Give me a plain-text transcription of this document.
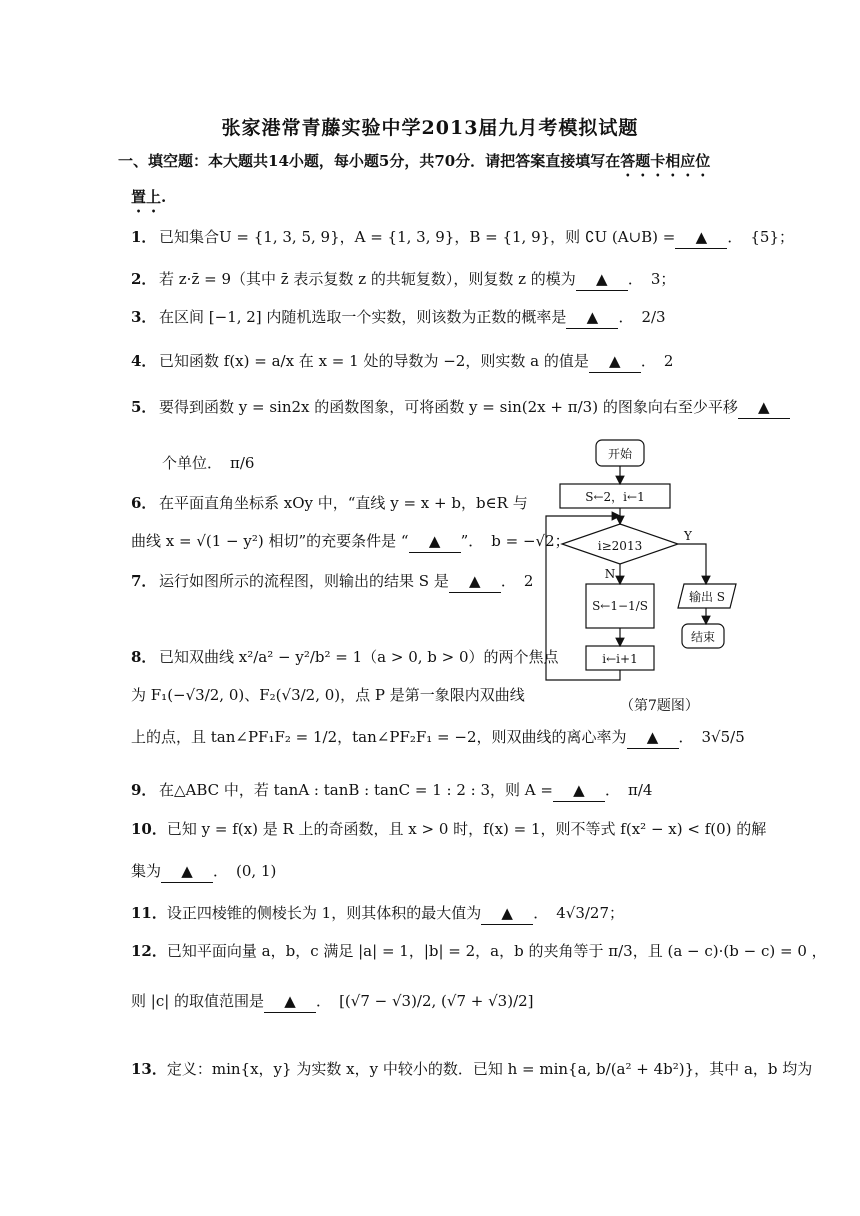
张家港常青藤实验中学2013届九月考模拟试题
一、填空题：本大题共14小题，每小题5分，共70分．请把答案直接填写在答题卡相应位
置上.
1． 已知集合U = {1, 3, 5, 9}，A = {1, 3, 9}，B = {1, 9}，则 ∁U (A∪B) = ▲ ． {5}；
2． 若 z·z̄ = 9（其中 z̄ 表示复数 z 的共轭复数），则复数 z 的模为 ▲ ． 3；
3． 在区间 [−1, 2] 内随机选取一个实数，则该数为正数的概率是 ▲ ． 2/3
4． 已知函数 f(x) = a/x 在 x = 1 处的导数为 −2，则实数 a 的值是 ▲ ． 2
5． 要得到函数 y = sin2x 的函数图象，可将函数 y = sin(2x + π/3) 的图象向右至少平移 ▲
个单位． π/6
6． 在平面直角坐标系 xOy 中，“直线 y = x + b，b∈R 与
曲线 x = √(1 − y²) 相切”的充要条件是 “ ▲ ”． b = −√2；
7． 运行如图所示的流程图，则输出的结果 S 是 ▲ ． 2
8． 已知双曲线 x²/a² − y²/b² = 1（a > 0, b > 0）的两个焦点
为 F₁(−√3/2, 0)、F₂(√3/2, 0)，点 P 是第一象限内双曲线
上的点，且 tan∠PF₁F₂ = 1/2，tan∠PF₂F₁ = −2，则双曲线的离心率为 ▲ ． 3√5/5
9． 在△ABC 中，若 tanA : tanB : tanC = 1 : 2 : 3，则 A = ▲ ． π/4
10．已知 y = f(x) 是 R 上的奇函数，且 x > 0 时，f(x) = 1，则不等式 f(x² − x) < f(0) 的解
集为 ▲ ． (0, 1)
11．设正四棱锥的侧棱长为 1，则其体积的最大值为 ▲ ． 4√3/27；
12．已知平面向量 a，b，c 满足 |a| = 1，|b| = 2，a，b 的夹角等于 π/3，且 (a − c)·(b − c) = 0 ，
则 |c| 的取值范围是 ▲ ． [(√7 − √3)/2, (√7 + √3)/2]
13．定义：min{x，y} 为实数 x，y 中较小的数．已知 h = min{a, b/(a² + 4b²)}，其中 a，b 均为
开始
S←2，i←1
i≥2013
Y
N
S←1−1/S
i←i+1
输出 S
结束
（第7题图）
